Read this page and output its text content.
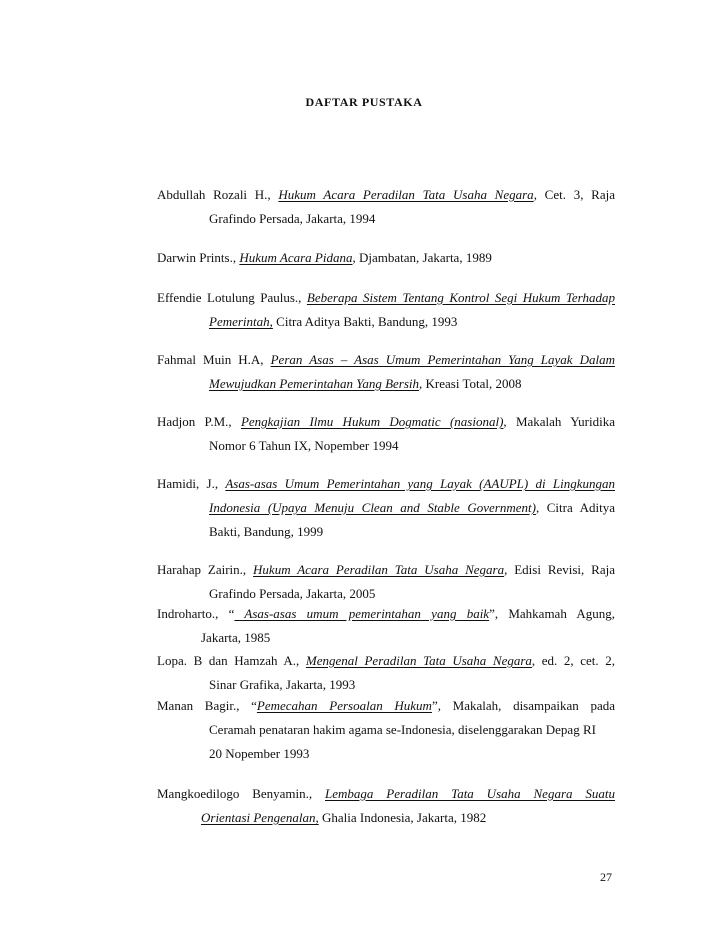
DAFTAR PUSTAKA
Abdullah Rozali H., Hukum Acara Peradilan Tata Usaha Negara, Cet. 3, Raja
Grafindo Persada, Jakarta, 1994
Darwin Prints., Hukum Acara Pidana, Djambatan, Jakarta, 1989
Effendie Lotulung Paulus., Beberapa Sistem Tentang Kontrol Segi Hukum Terhadap
Pemerintah, Citra Aditya Bakti, Bandung, 1993
Fahmal Muin H.A, Peran Asas – Asas Umum Pemerintahan Yang Layak Dalam
Mewujudkan Pemerintahan Yang Bersih, Kreasi Total, 2008
Hadjon P.M., Pengkajian Ilmu Hukum Dogmatic (nasional), Makalah Yuridika
Nomor 6 Tahun IX, Nopember 1994
Hamidi, J., Asas-asas Umum Pemerintahan yang Layak (AAUPL) di Lingkungan
Indonesia (Upaya Menuju Clean and Stable Government), Citra Aditya
Bakti, Bandung, 1999
Harahap Zairin., Hukum Acara Peradilan Tata Usaha Negara, Edisi Revisi, Raja
Grafindo Persada, Jakarta, 2005
Indroharto., “ Asas-asas umum pemerintahan yang baik”, Mahkamah Agung,
Jakarta, 1985
Lopa. B dan Hamzah A., Mengenal Peradilan Tata Usaha Negara, ed. 2, cet. 2,
Sinar Grafika, Jakarta, 1993
Manan Bagir., “Pemecahan Persoalan Hukum”, Makalah, disampaikan pada
Ceramah penataran hakim agama se-Indonesia, diselenggarakan Depag RI
20 Nopember 1993
Mangkoedilogo Benyamin., Lembaga Peradilan Tata Usaha Negara Suatu
Orientasi Pengenalan, Ghalia Indonesia, Jakarta, 1982
27
